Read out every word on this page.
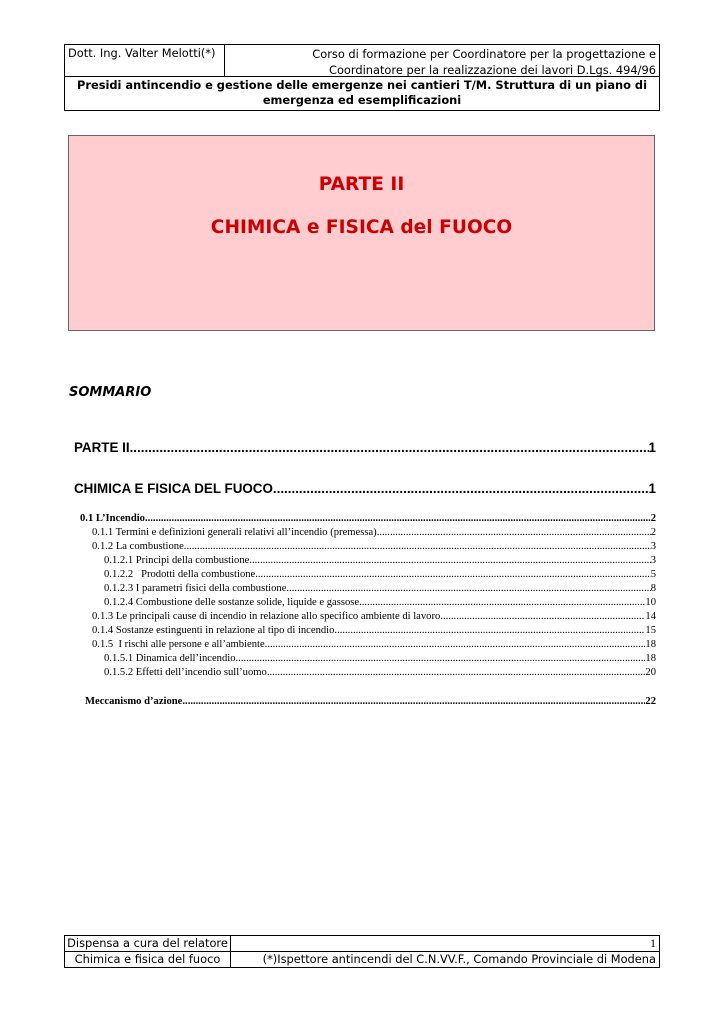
Dott. Ing. Valter Melotti(*)	Corso di formazione per Coordinatore per la progettazione e Coordinatore per la realizzazione dei lavori D.Lgs. 494/96
Presidi antincendio e gestione delle emergenze nei cantieri T/M. Struttura di un piano di emergenza ed esemplificazioni
PARTE II
CHIMICA e FISICA del FUOCO
SOMMARIO
PARTE II .....	1
CHIMICA E FISICA DEL FUOCO .....	1
0.1 L’Incendio .....	2
0.1.1 Termini e definizioni generali relativi all’incendio (premessa) .....	2
0.1.2 La combustione .....	3
0.1.2.1 Principi della combustione .....	3
0.1.2.2   Prodotti della combustione .....	5
0.1.2.3 I parametri fisici della combustione .....	8
0.1.2.4 Combustione delle sostanze solide, liquide e gassose .....	10
0.1.3 Le principali cause di incendio in relazione allo specifico ambiente di lavoro .....	14
0.1.4 Sostanze estinguenti in relazione al tipo di incendio .....	15
0.1.5  I rischi alle persone e all’ambiente .....	18
0.1.5.1 Dinamica dell’incendio .....	18
0.1.5.2 Effetti dell’incendio sull’uomo .....	20
Meccanismo d’azione .....	22
Dispensa a cura del relatore	1
Chimica e fisica del fuoco	(*)Ispettore antincendi del C.N.VV.F., Comando Provinciale di Modena
